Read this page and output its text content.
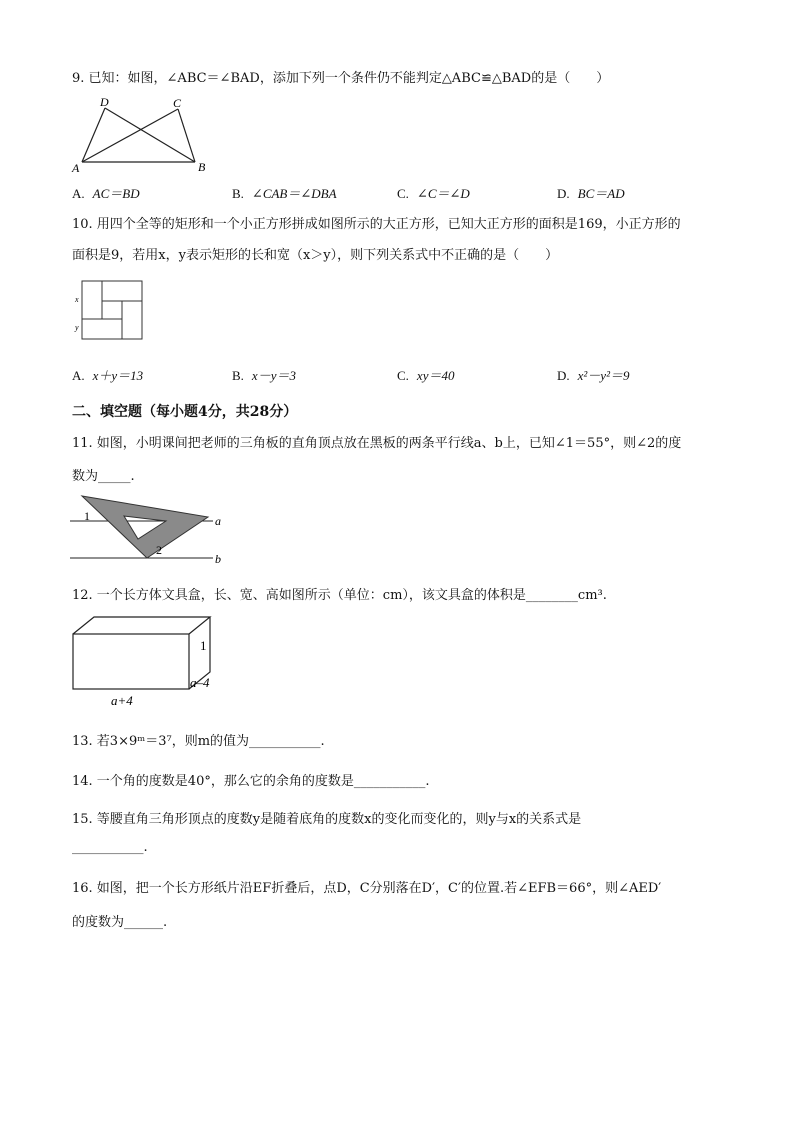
9. 已知：如图，∠ABC＝∠BAD，添加下列一个条件仍不能判定△ABC≌△BAD的是（　　）
A	B
C
D
A. AC＝BD	B. ∠CAB＝∠DBA	C. ∠C＝∠D	D. BC＝AD
10. 用四个全等的矩形和一个小正方形拼成如图所示的大正方形，已知大正方形的面积是169，小正方形的
面积是9，若用x，y表示矩形的长和宽（x＞y），则下列关系式中不正确的是（　　）
x
y
A. x＋y＝13	B. x－y＝3	C. xy＝40	D. x²－y²＝9
二、填空题（每小题4分，共28分）
11. 如图，小明课间把老师的三角板的直角顶点放在黑板的两条平行线a、b上，已知∠1＝55°，则∠2的度
数为_____.
1
2
a
b
12. 一个长方体文具盒，长、宽、高如图所示（单位：cm），该文具盒的体积是________cm³.
1
a–4
a+4
13. 若3×9ᵐ＝3⁷，则m的值为___________.
14. 一个角的度数是40°，那么它的余角的度数是___________.
15. 等腰直角三角形顶点的度数y是随着底角的度数x的变化而变化的，则y与x的关系式是
___________.
16. 如图，把一个长方形纸片沿EF折叠后，点D，C分别落在D′，C′的位置.若∠EFB＝66°，则∠AED′
的度数为______.
